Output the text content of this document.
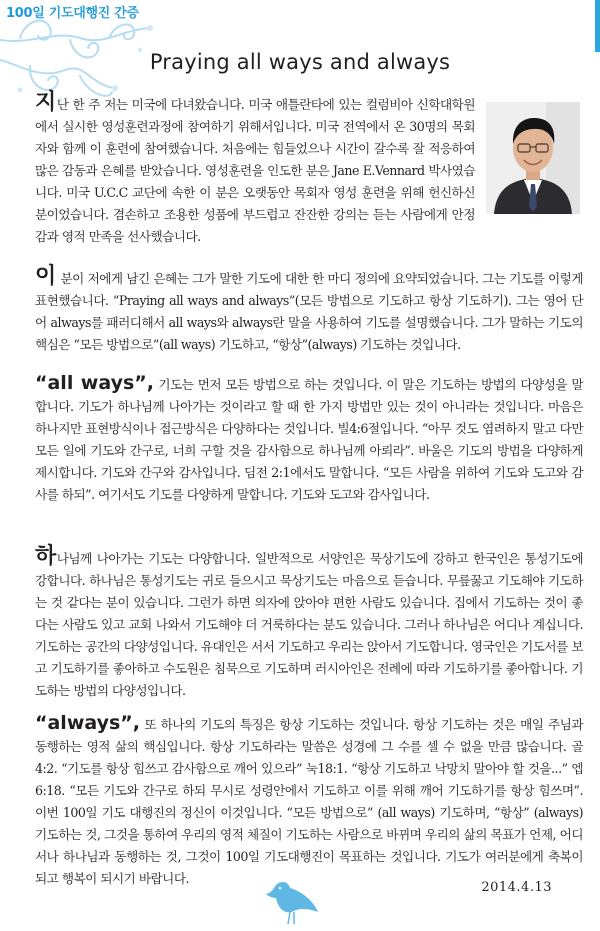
100일 기도대행진 간증
Praying all ways and always

지난 한 주 저는 미국에 다녀왔습니다. 미국 애틀란타에 있는 컬럼비아 신학대학원에서 실시한 영성훈련과정에 참여하기 위해서입니다. 미국 전역에서 온 30명의 목회자와 함께 이 훈련에 참여했습니다. 처음에는 힘들었으나 시간이 갈수록 잘 적응하여 많은 감동과 은혜를 받았습니다. 영성훈련을 인도한 분은 Jane E.Vennard 박사였습니다. 미국 U.C.C 교단에 속한 이 분은 오랫동안 목회자 영성 훈련을 위해 헌신하신 분이었습니다. 겸손하고 조용한 성품에 부드럽고 잔잔한 강의는 듣는 사람에게 안정감과 영적 만족을 선사했습니다.

이 분이 저에게 남긴 은혜는 그가 말한 기도에 대한 한 마디 정의에 요약되었습니다. 그는 기도를 이렇게 표현했습니다. “Praying all ways and always”(모든 방법으로 기도하고 항상 기도하기). 그는 영어 단어 always를 패러디해서 all ways와 always란 말을 사용하여 기도를 설명했습니다. 그가 말하는 기도의 핵심은 “모든 방법으로”(all ways) 기도하고, “항상”(always) 기도하는 것입니다.

“all ways”, 기도는 먼저 모든 방법으로 하는 것입니다. 이 말은 기도하는 방법의 다양성을 말합니다. 기도가 하나님께 나아가는 것이라고 할 때 한 가지 방법만 있는 것이 아니라는 것입니다. 마음은 하나지만 표현방식이나 접근방식은 다양하다는 것입니다. 빌4:6절입니다. “아무 것도 염려하지 말고 다만 모든 일에 기도와 간구로, 너희 구할 것을 감사함으로 하나님께 아뢰라”. 바울은 기도의 방법을 다양하게 제시합니다. 기도와 간구와 감사입니다. 딤전 2:1에서도 말합니다. “모든 사람을 위하여 기도와 도고와 감사를 하되”. 여기서도 기도를 다양하게 말합니다. 기도와 도고와 감사입니다.

하나님께 나아가는 기도는 다양합니다. 일반적으로 서양인은 묵상기도에 강하고 한국인은 통성기도에 강합니다. 하나님은 통성기도는 귀로 들으시고 묵상기도는 마음으로 듣습니다. 무릎꿇고 기도해야 기도하는 것 같다는 분이 있습니다. 그런가 하면 의자에 앉아야 편한 사람도 있습니다. 집에서 기도하는 것이 좋다는 사람도 있고 교회 나와서 기도해야 더 거룩하다는 분도 있습니다. 그러나 하나님은 어디나 계십니다. 기도하는 공간의 다양성입니다. 유대인은 서서 기도하고 우리는 앉아서 기도합니다. 영국인은 기도서를 보고 기도하기를 좋아하고 수도원은 침묵으로 기도하며 러시아인은 전례에 따라 기도하기를 좋아합니다. 기도하는 방법의 다양성입니다.

“always”, 또 하나의 기도의 특징은 항상 기도하는 것입니다. 항상 기도하는 것은 매일 주님과 동행하는 영적 삶의 핵심입니다. 항상 기도하라는 말씀은 성경에 그 수를 셀 수 없을 만큼 많습니다. 골4:2. “기도를 항상 힘쓰고 감사함으로 깨어 있으라” 눅18:1. “항상 기도하고 낙망치 말아야 할 것을...” 엡6:18. “모든 기도와 간구로 하되 무시로 성령안에서 기도하고 이를 위해 깨어 기도하기를 항상 힘쓰며”. 이번 100일 기도 대행진의 정신이 이것입니다. “모든 방법으로” (all ways) 기도하며, “항상” (always) 기도하는 것, 그것을 통하여 우리의 영적 체질이 기도하는 사람으로 바뀌며 우리의 삶의 목표가 언제, 어디서나 하나님과 동행하는 것, 그것이 100일 기도대행진이 목표하는 것입니다. 기도가 여러분에게 축복이 되고 행복이 되시기 바랍니다.

2014.4.13
